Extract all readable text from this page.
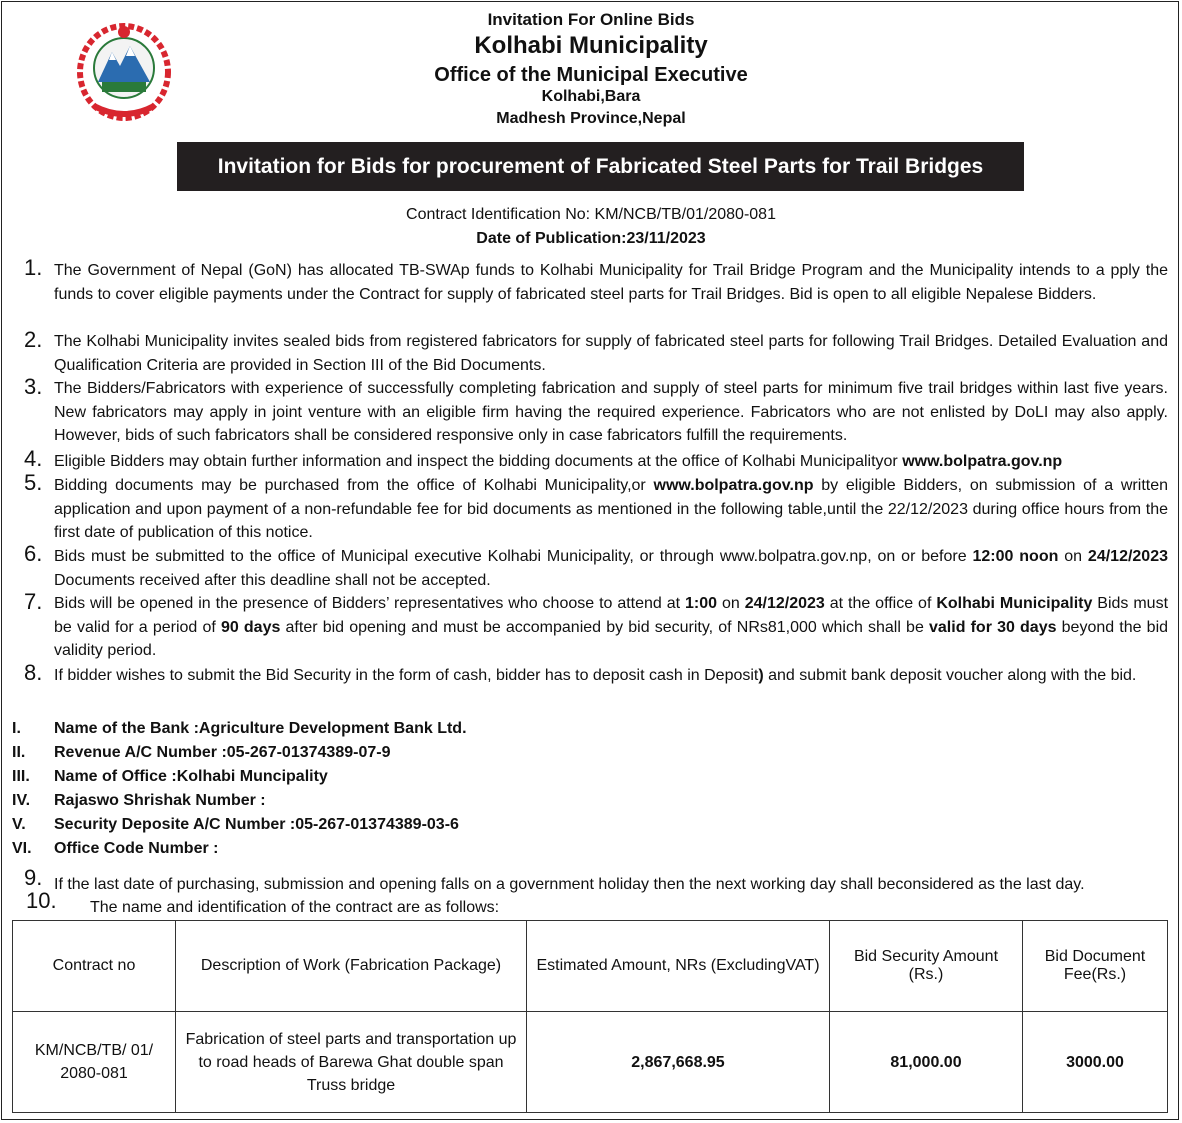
Invitation For Online Bids
Kolhabi Municipality
Office of the Municipal Executive
Kolhabi,Bara
Madhesh Province,Nepal
Invitation for Bids for procurement of Fabricated Steel Parts for Trail Bridges
Contract Identification No: KM/NCB/TB/01/2080-081
Date of Publication:23/11/2023
1. The Government of Nepal (GoN) has allocated TB-SWAp funds to Kolhabi Municipality for Trail Bridge Program and the Municipality intends to a pply the funds to cover eligible payments under the Contract for supply of fabricated steel parts for Trail Bridges. Bid is open to all eligible Nepalese Bidders.
2. The Kolhabi Municipality invites sealed bids from registered fabricators for supply of fabricated steel parts for following Trail Bridges. Detailed Evaluation and Qualification Criteria are provided in Section III of the Bid Documents.
3. The Bidders/Fabricators with experience of successfully completing fabrication and supply of steel parts for minimum five trail bridges within last five years. New fabricators may apply in joint venture with an eligible firm having the required experience. Fabricators who are not enlisted by DoLI may also apply. However, bids of such fabricators shall be considered responsive only in case fabricators fulfill the requirements.
4. Eligible Bidders may obtain further information and inspect the bidding documents at the office of Kolhabi Municipalityor www.bolpatra.gov.np
5. Bidding documents may be purchased from the office of Kolhabi Municipality,or www.bolpatra.gov.np by eligible Bidders, on submission of a written application and upon payment of a non-refundable fee for bid documents as mentioned in the following table,until the 22/12/2023 during office hours from the first date of publication of this notice.
6. Bids must be submitted to the office of Municipal executive Kolhabi Municipality, or through www.bolpatra.gov.np, on or before 12:00 noon on 24/12/2023 Documents received after this deadline shall not be accepted.
7. Bids will be opened in the presence of Bidders’ representatives who choose to attend at 1:00 on 24/12/2023 at the office of Kolhabi Municipality Bids must be valid for a period of 90 days after bid opening and must be accompanied by bid security, of NRs81,000 which shall be valid for 30 days beyond the bid validity period.
8. If bidder wishes to submit the Bid Security in the form of cash, bidder has to deposit cash in Deposit) and submit bank deposit voucher along with the bid.
I. Name of the Bank :Agriculture Development Bank Ltd.
II. Revenue A/C Number :05-267-01374389-07-9
III. Name of Office :Kolhabi Muncipality
IV. Rajaswo Shrishak Number :
V. Security Deposite A/C Number :05-267-01374389-03-6
VI. Office Code Number :
9. If the last date of purchasing, submission and opening falls on a government holiday then the next working day shall beconsidered as the last day.
10. The name and identification of the contract are as follows:
Contract no	Description of Work (Fabrication Package)	Estimated Amount, NRs (ExcludingVAT)	Bid Security Amount (Rs.)	Bid Document Fee(Rs.)
KM/NCB/TB/ 01/ 2080-081	Fabrication of steel parts and transportation up to road heads of Barewa Ghat double span Truss bridge	2,867,668.95	81,000.00	3000.00
